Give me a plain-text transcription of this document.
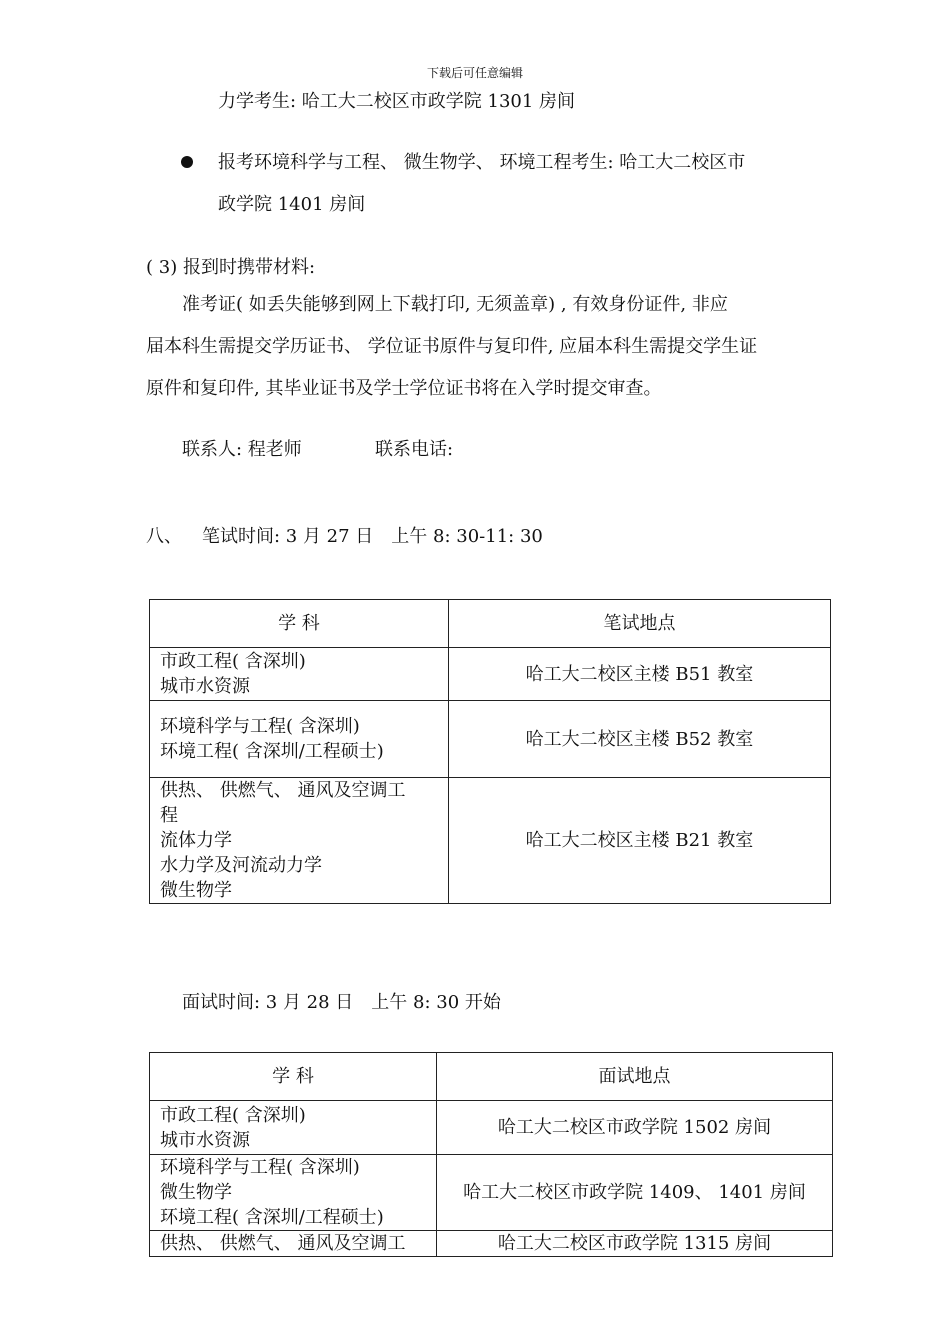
下载后可任意编辑
力学考生: 哈工大二校区市政学院 1301 房间
报考环境科学与工程、 微生物学、 环境工程考生: 哈工大二校区市
政学院 1401 房间
( 3) 报到时携带材料:
准考证( 如丢失能够到网上下载打印, 无须盖章) , 有效身份证件, 非应
届本科生需提交学历证书、 学位证书原件与复印件, 应届本科生需提交学生证
原件和复印件, 其毕业证书及学士学位证书将在入学时提交审查。
联系人: 程老师	联系电话:
八、 笔试时间: 3 月 27 日　上午 8: 30-11: 30
学 科	笔试地点

市政工程( 含深圳)
城市水资源	哈工大二校区主楼 B51 教室

环境科学与工程( 含深圳)
环境工程( 含深圳/工程硕士)	哈工大二校区主楼 B52 教室

供热、 供燃气、 通风及空调工
程
流体力学
水力学及河流动力学
微生物学	哈工大二校区主楼 B21 教室
面试时间: 3 月 28 日　上午 8: 30 开始
学 科	面试地点

市政工程( 含深圳)
城市水资源	哈工大二校区市政学院 1502 房间

环境科学与工程( 含深圳)
微生物学
环境工程( 含深圳/工程硕士)	哈工大二校区市政学院 1409、 1401 房间

供热、 供燃气、 通风及空调工	哈工大二校区市政学院 1315 房间
